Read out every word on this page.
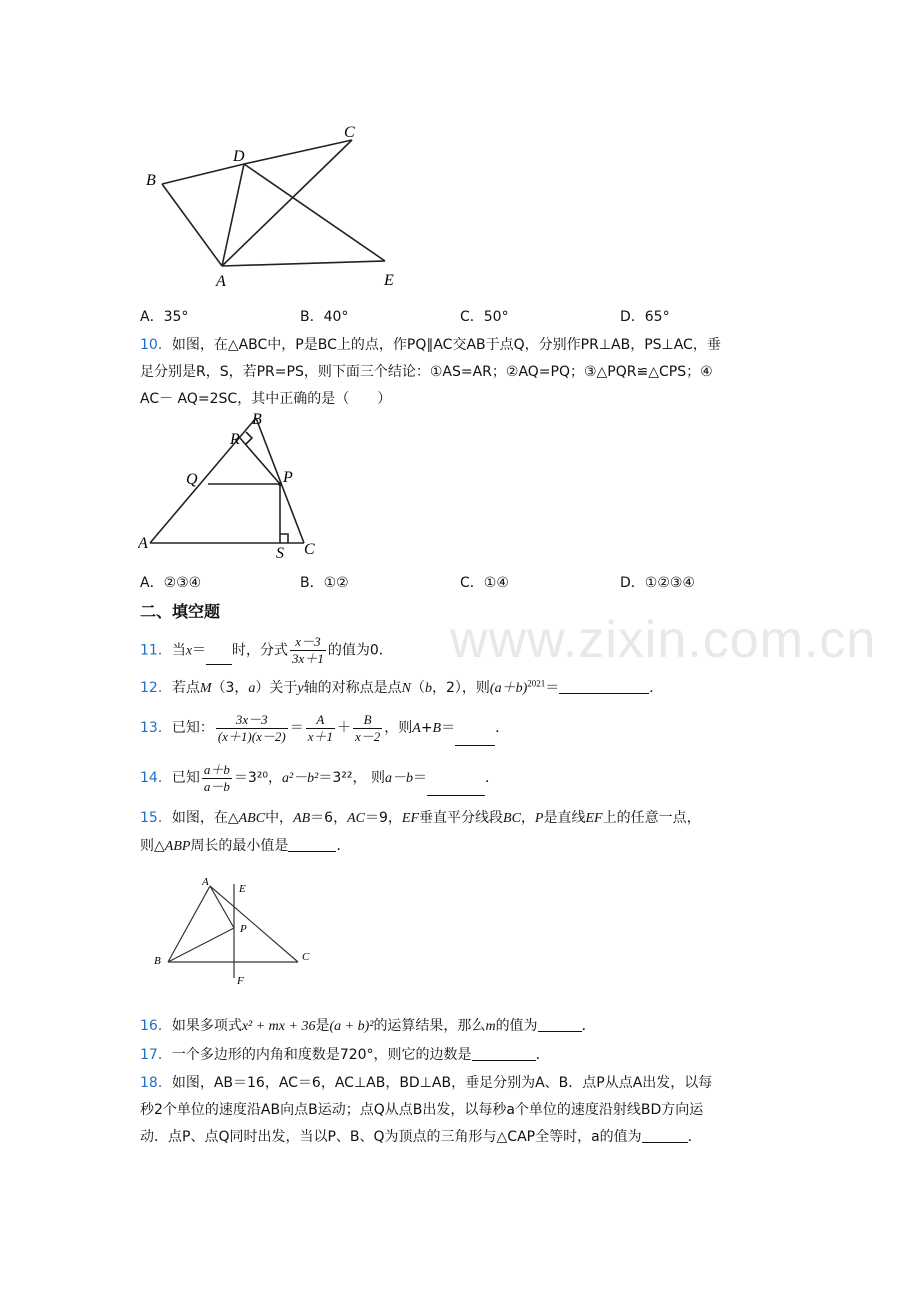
www.zixin.com.cn
B
D
C
A	E
A．35°	B．40°	C．50°	D．65°
10．如图，在△ABC中，P是BC上的点，作PQ∥AC交AB于点Q，分别作PR⊥AB，PS⊥AC，垂
足分别是R，S，若PR=PS，则下面三个结论：①AS=AR；②AQ=PQ；③△PQR≌△CPS；④
AC－ AQ=2SC，其中正确的是（　　）
B
R
Q	P
A
S C
A．②③④	B．①②	C．①④	D．①②③④
二、填空题
11．当x＝ 时，分式 $\frac{x-3}{3x+1}$ 的值为0．
12．若点M（3，a）关于y轴的对称点是点N（b，2），则$(a+b)^{2021}=$	．
13．已知： $\frac{3x-3}{(x+1)(x-2)} = \frac{A}{x+1} + \frac{B}{x-2}$ ，则A+B＝	．
14．已知 $\frac{a+b}{a-b} =3^{20}$，a²－b²＝3²²， 则a－b＝	．
15．如图，在△ABC中，AB＝6，AC＝9，EF垂直平分线段BC，P是直线EF上的任意一点，
则△ABP周长的最小值是	．
A
E
P
B	C
F
16．如果多项式x² + mx + 36是(a + b)²的运算结果，那么m的值为	．
17．一个多边形的内角和度数是720°，则它的边数是	．
18．如图，AB＝16，AC＝6，AC⊥AB，BD⊥AB，垂足分别为A、B．点P从点A出发，以每
秒2个单位的速度沿AB向点B运动；点Q从点B出发，以每秒a个单位的速度沿射线BD方向运
动．点P、点Q同时出发，当以P、B、Q为顶点的三角形与△CAP全等时，a的值为	．
